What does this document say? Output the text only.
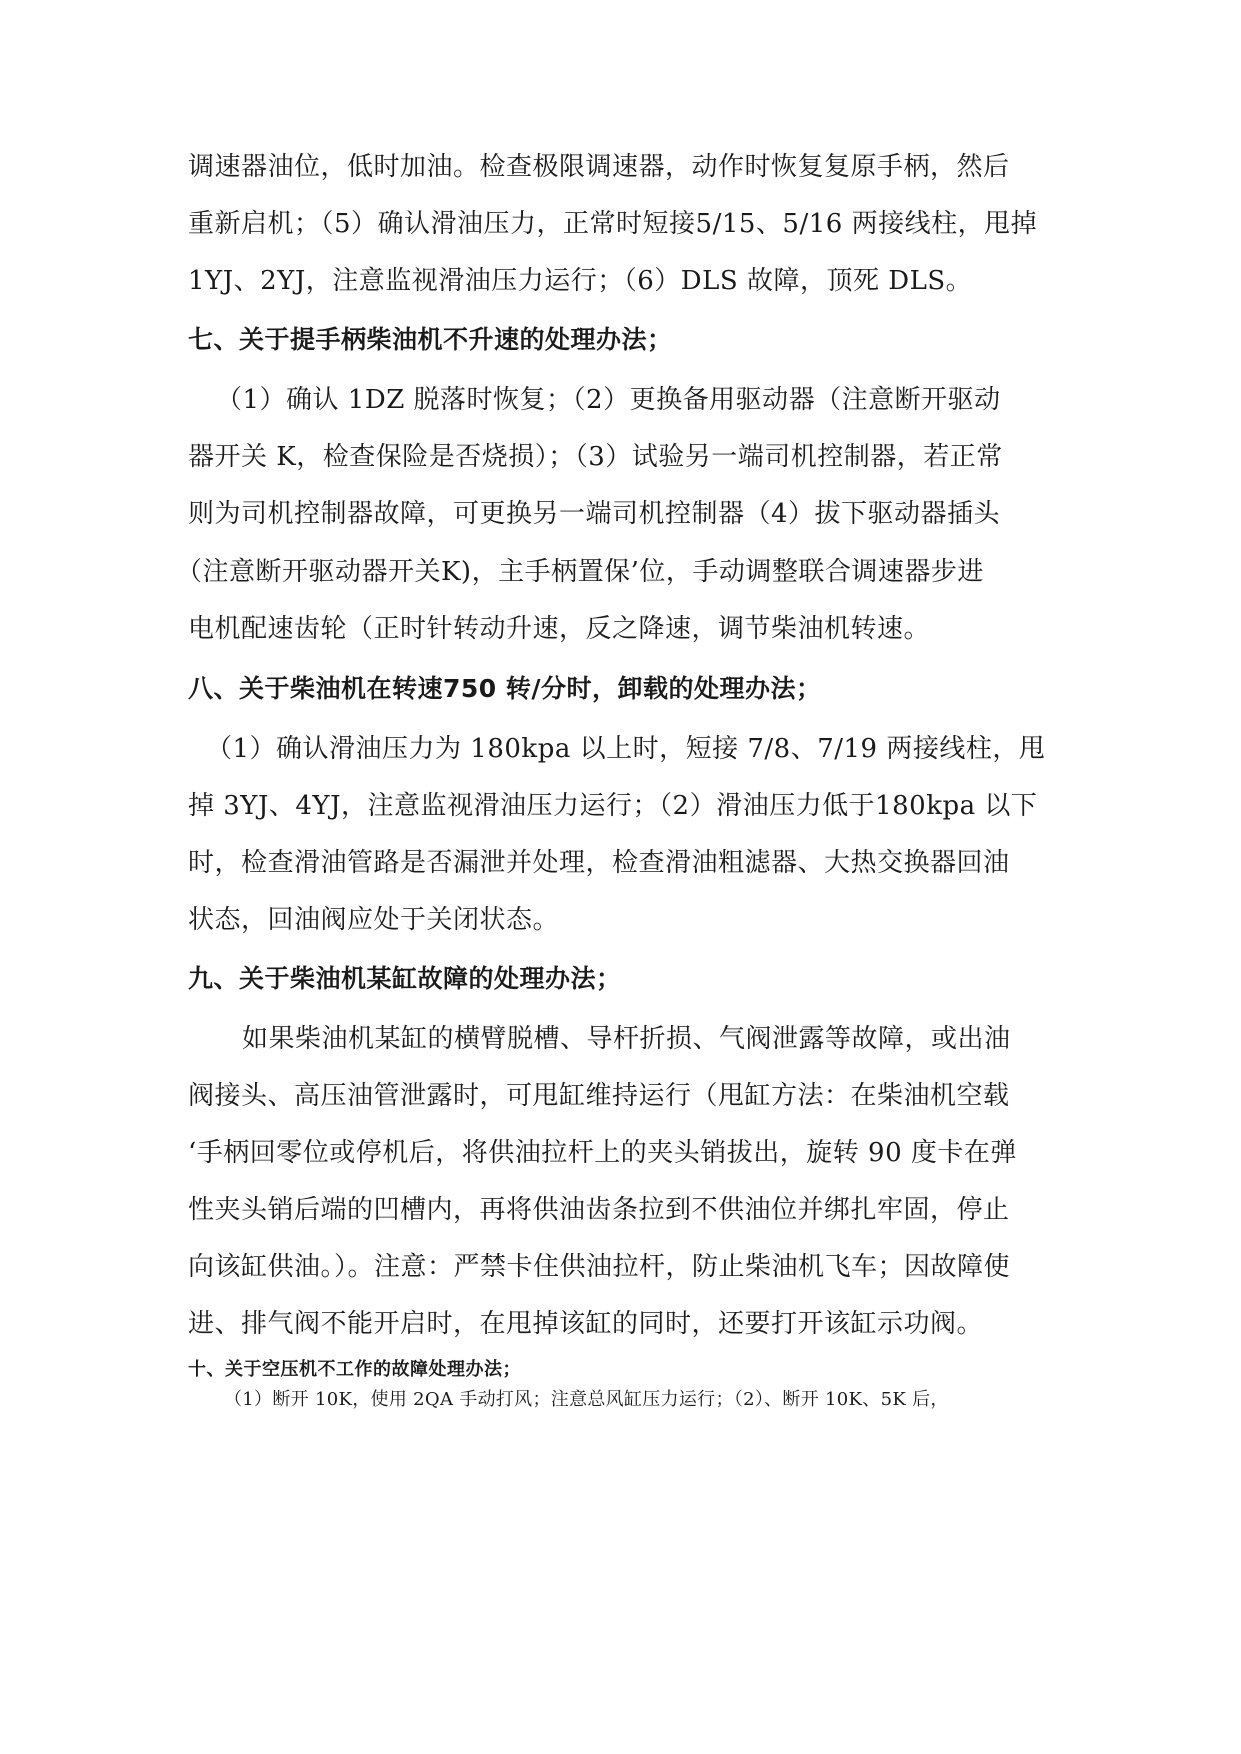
调速器油位，低时加油。检查极限调速器，动作时恢复复原手柄，然后
重新启机；（5）确认滑油压力，正常时短接5/15、5/16 两接线柱，甩掉
1YJ、2YJ，注意监视滑油压力运行；（6）DLS 故障，顶死 DLS。
七、关于提手柄柴油机不升速的处理办法；
（1）确认 1DZ 脱落时恢复；（2）更换备用驱动器（注意断开驱动
器开关 K，检查保险是否烧损）；（3）试验另一端司机控制器，若正常
则为司机控制器故障，可更换另一端司机控制器（4）拔下驱动器插头
（注意断开驱动器开关K)，主手柄置保’位，手动调整联合调速器步进
电机配速齿轮（正时针转动升速，反之降速，调节柴油机转速。
八、关于柴油机在转速750 转/分时，卸载的处理办法；
（1）确认滑油压力为 180kpa 以上时，短接 7/8、7/19 两接线柱，甩
掉 3YJ、4YJ，注意监视滑油压力运行；（2）滑油压力低于180kpa 以下
时，检查滑油管路是否漏泄并处理，检查滑油粗滤器、大热交换器回油
状态，回油阀应处于关闭状态。
九、关于柴油机某缸故障的处理办法；
如果柴油机某缸的横臂脱槽、导杆折损、气阀泄露等故障，或出油
阀接头、高压油管泄露时，可甩缸维持运行（甩缸方法：在柴油机空载
‘手柄回零位或停机后，将供油拉杆上的夹头销拔出，旋转 90 度卡在弹
性夹头销后端的凹槽内，再将供油齿条拉到不供油位并绑扎牢固，停止
向该缸供油。）。注意：严禁卡住供油拉杆，防止柴油机飞车；因故障使
进、排气阀不能开启时，在甩掉该缸的同时，还要打开该缸示功阀。
十、关于空压机不工作的故障处理办法；
（1）断开 10K，使用 2QA 手动打风；注意总风缸压力运行；（2）、断开 10K、5K 后，
